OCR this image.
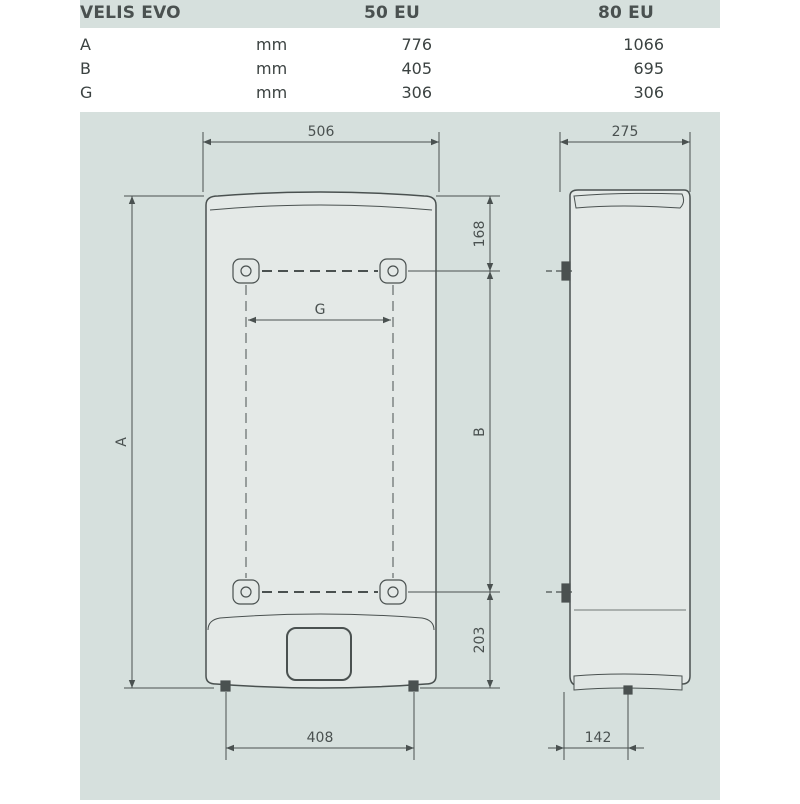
VELIS EVO	50 EU	80 EU
A	mm	776	1066
B	mm	405	695
G	mm	306	306
506	275
A
G
168
B
203
408	142
